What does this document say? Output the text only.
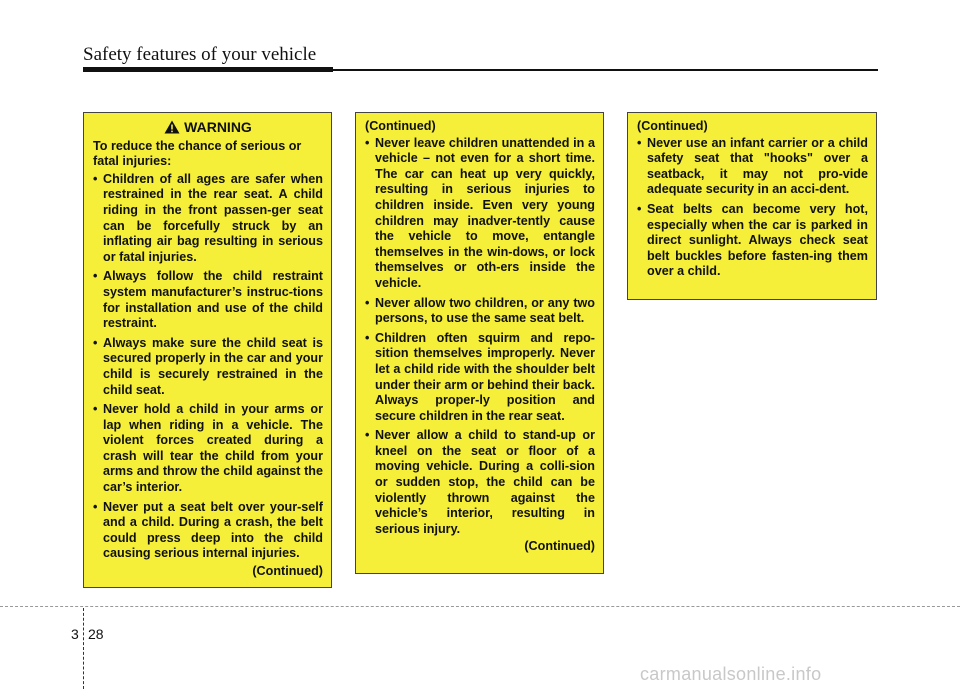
Safety features of your vehicle
WARNING
To reduce the chance of serious or fatal injuries:
• Children of all ages are safer when restrained in the rear seat. A child riding in the front passen-ger seat can be forcefully struck by an inflating air bag resulting in serious or fatal injuries.
• Always follow the child restraint system manufacturer’s instruc-tions for installation and use of the child restraint.
• Always make sure the child seat is secured properly in the car and your child is securely restrained in the child seat.
• Never hold a child in your arms or lap when riding in a vehicle. The violent forces created during a crash will tear the child from your arms and throw the child against the car’s interior.
• Never put a seat belt over your-self and a child. During a crash, the belt could press deep into the child causing serious internal injuries.
(Continued)
(Continued)
• Never leave children unattended in a vehicle – not even for a short time. The car can heat up very quickly, resulting in serious injuries to children inside. Even very young children may inadver-tently cause the vehicle to move, entangle themselves in the win-dows, or lock themselves or oth-ers inside the vehicle.
• Never allow two children, or any two persons, to use the same seat belt.
• Children often squirm and repo-sition themselves improperly. Never let a child ride with the shoulder belt under their arm or behind their back. Always proper-ly position and secure children in the rear seat.
• Never allow a child to stand-up or kneel on the seat or floor of a moving vehicle. During a colli-sion or sudden stop, the child can be violently thrown against the vehicle’s interior, resulting in serious injury.
(Continued)
(Continued)
• Never use an infant carrier or a child safety seat that "hooks" over a seatback, it may not pro-vide adequate security in an acci-dent.
• Seat belts can become very hot, especially when the car is parked in direct sunlight. Always check seat belt buckles before fasten-ing them over a child.
3 28
carmanualsonline.info
